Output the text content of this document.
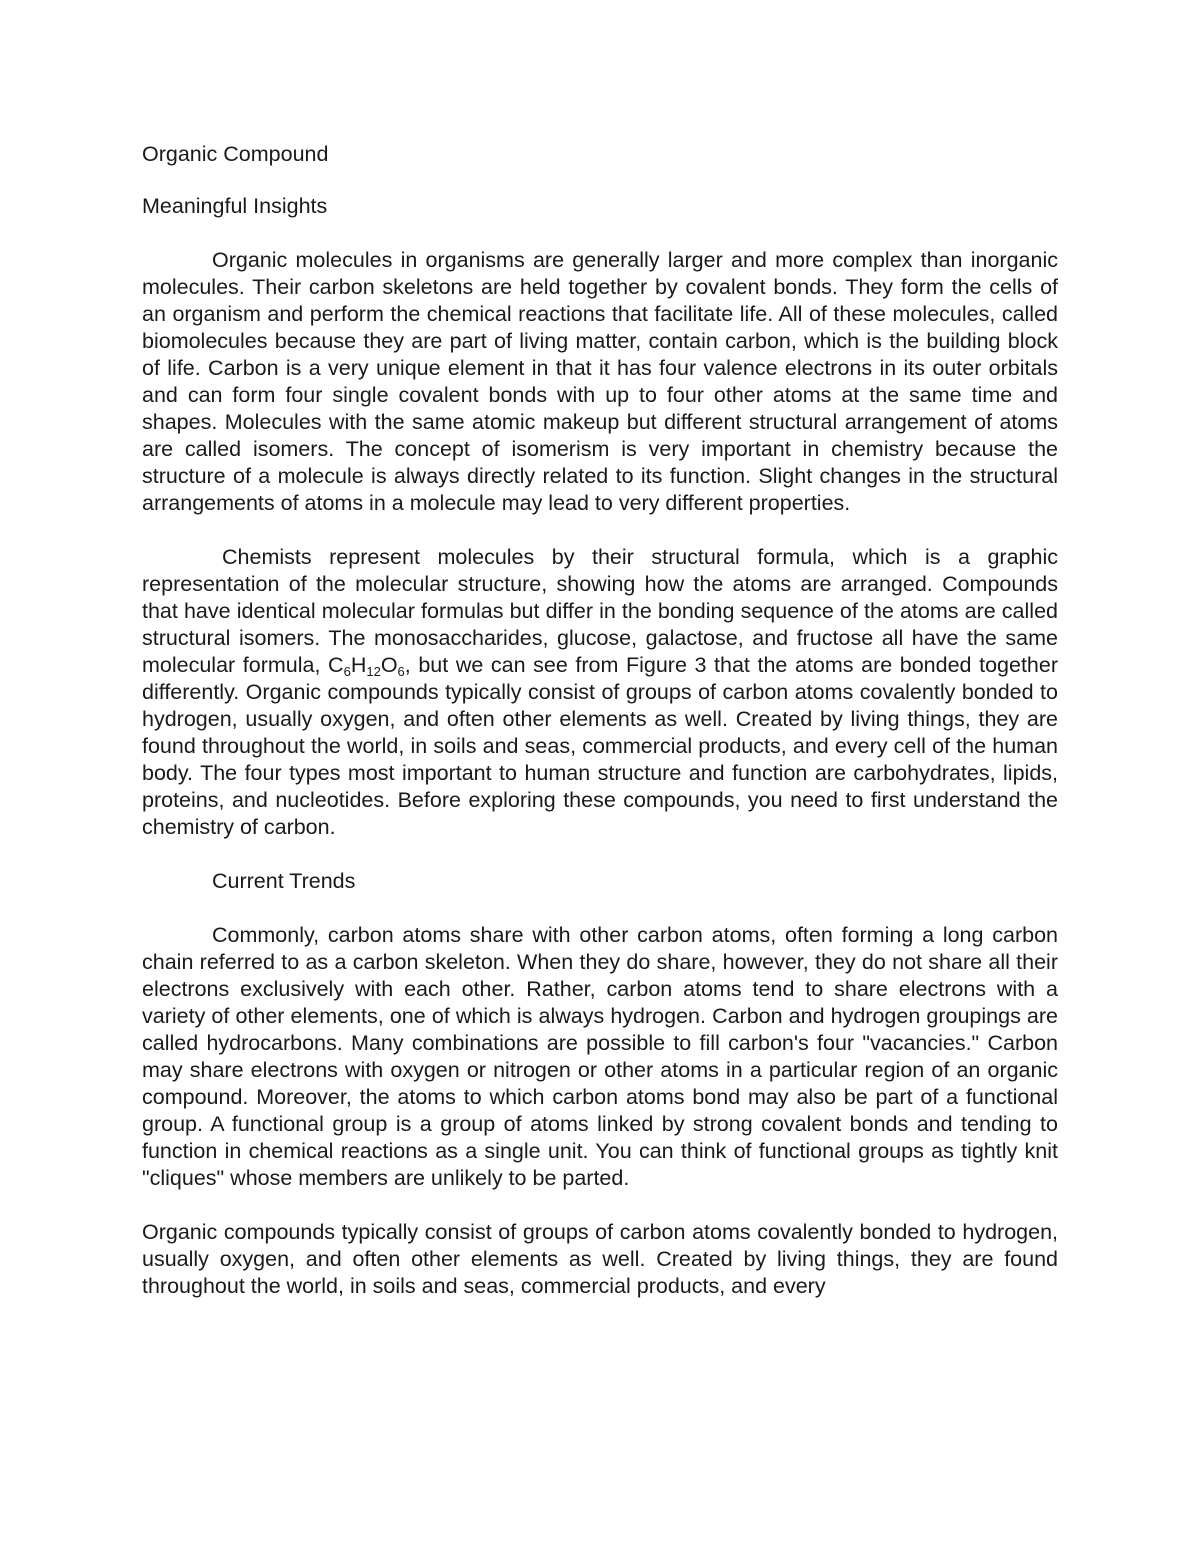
Organic Compound

Meaningful Insights

Organic molecules in organisms are generally larger and more complex than inorganic molecules. Their carbon skeletons are held together by covalent bonds. They form the cells of an organism and perform the chemical reactions that facilitate life. All of these molecules, called biomolecules because they are part of living matter, contain carbon, which is the building block of life. Carbon is a very unique element in that it has four valence electrons in its outer orbitals and can form four single covalent bonds with up to four other atoms at the same time and shapes. Molecules with the same atomic makeup but different structural arrangement of atoms are called isomers. The concept of isomerism is very important in chemistry because the structure of a molecule is always directly related to its function. Slight changes in the structural arrangements of atoms in a molecule may lead to very different properties.

Chemists represent molecules by their structural formula, which is a graphic representation of the molecular structure, showing how the atoms are arranged. Compounds that have identical molecular formulas but differ in the bonding sequence of the atoms are called structural isomers. The monosaccharides, glucose, galactose, and fructose all have the same molecular formula, $C_6H_{12}O_6$, but we can see from Figure 3 that the atoms are bonded together differently. Organic compounds typically consist of groups of carbon atoms covalently bonded to hydrogen, usually oxygen, and often other elements as well. Created by living things, they are found throughout the world, in soils and seas, commercial products, and every cell of the human body. The four types most important to human structure and function are carbohydrates, lipids, proteins, and nucleotides. Before exploring these compounds, you need to first understand the chemistry of carbon.

Current Trends

Commonly, carbon atoms share with other carbon atoms, often forming a long carbon chain referred to as a carbon skeleton. When they do share, however, they do not share all their electrons exclusively with each other. Rather, carbon atoms tend to share electrons with a variety of other elements, one of which is always hydrogen. Carbon and hydrogen groupings are called hydrocarbons. Many combinations are possible to fill carbon's four "vacancies." Carbon may share electrons with oxygen or nitrogen or other atoms in a particular region of an organic compound. Moreover, the atoms to which carbon atoms bond may also be part of a functional group. A functional group is a group of atoms linked by strong covalent bonds and tending to function in chemical reactions as a single unit. You can think of functional groups as tightly knit "cliques" whose members are unlikely to be parted.

Organic compounds typically consist of groups of carbon atoms covalently bonded to hydrogen, usually oxygen, and often other elements as well. Created by living things, they are found throughout the world, in soils and seas, commercial products, and every
